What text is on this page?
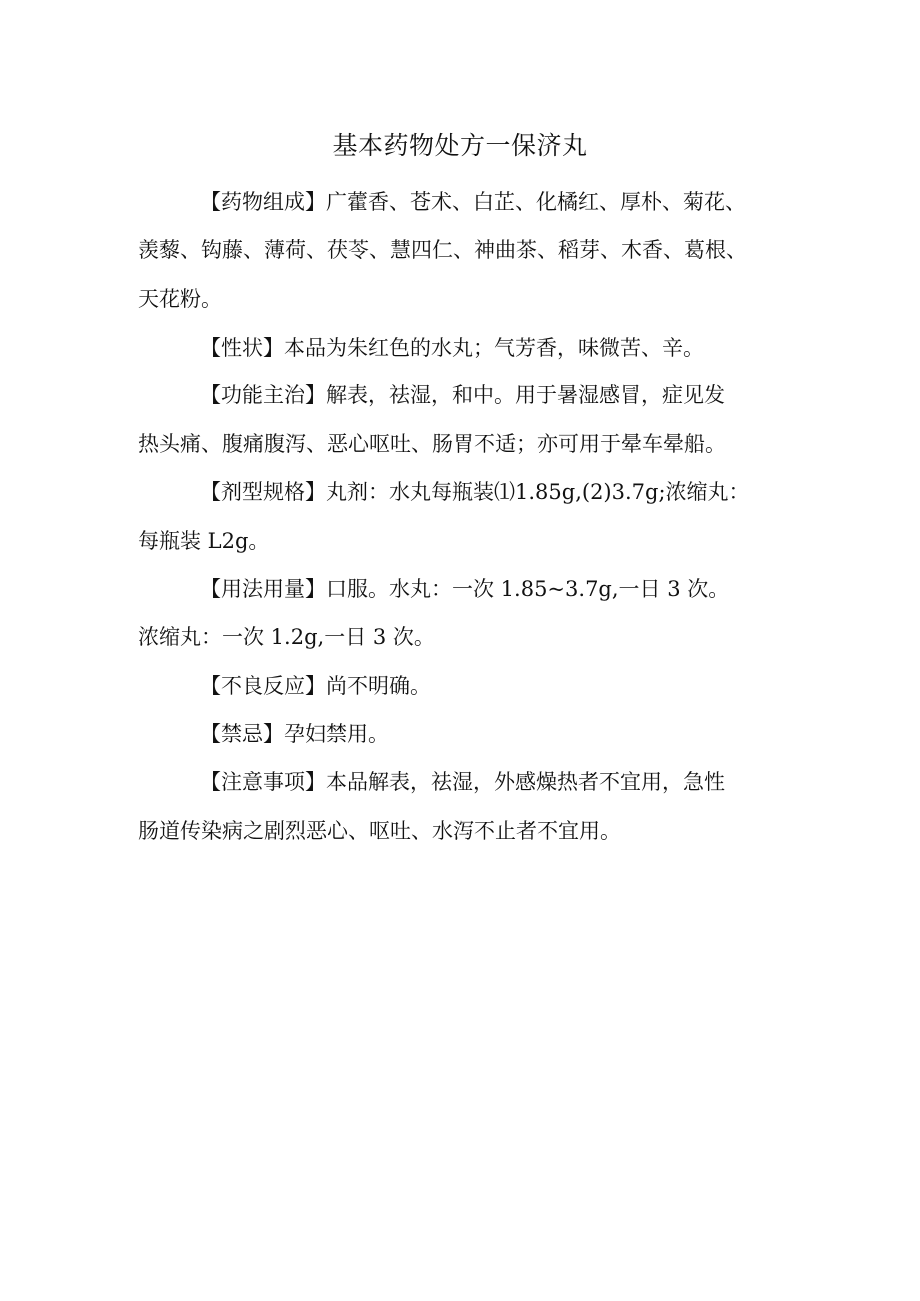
基本药物处方一保济丸
【药物组成】广藿香、苍术、白芷、化橘红、厚朴、菊花、
羡藜、钩藤、薄荷、茯苓、慧四仁、神曲茶、稻芽、木香、葛根、
天花粉。
【性状】本品为朱红色的水丸；气芳香，味微苦、辛。
【功能主治】解表，祛湿，和中。用于暑湿感冒，症见发
热头痛、腹痛腹泻、恶心呕吐、肠胃不适；亦可用于晕车晕船。
【剂型规格】丸剂：水丸每瓶装⑴1.85g,(2)3.7g;浓缩丸：
每瓶装 L2g。
【用法用量】口服。水丸：一次 1.85~3.7g,一日 3 次。
浓缩丸：一次 1.2g,一日 3 次。
【不良反应】尚不明确。
【禁忌】孕妇禁用。
【注意事项】本品解表，祛湿，外感燥热者不宜用，急性
肠道传染病之剧烈恶心、呕吐、水泻不止者不宜用。
